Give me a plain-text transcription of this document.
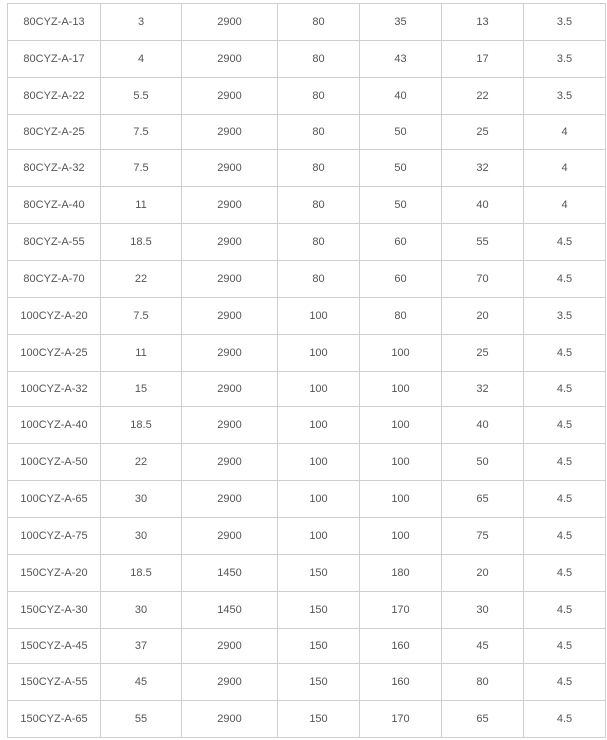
80CYZ-A-13	3	2900	80	35	13	3.5
80CYZ-A-17	4	2900	80	43	17	3.5
80CYZ-A-22	5.5	2900	80	40	22	3.5
80CYZ-A-25	7.5	2900	80	50	25	4
80CYZ-A-32	7.5	2900	80	50	32	4
80CYZ-A-40	11	2900	80	50	40	4
80CYZ-A-55	18.5	2900	80	60	55	4.5
80CYZ-A-70	22	2900	80	60	70	4.5
100CYZ-A-20	7.5	2900	100	80	20	3.5
100CYZ-A-25	11	2900	100	100	25	4.5
100CYZ-A-32	15	2900	100	100	32	4.5
100CYZ-A-40	18.5	2900	100	100	40	4.5
100CYZ-A-50	22	2900	100	100	50	4.5
100CYZ-A-65	30	2900	100	100	65	4.5
100CYZ-A-75	30	2900	100	100	75	4.5
150CYZ-A-20	18.5	1450	150	180	20	4.5
150CYZ-A-30	30	1450	150	170	30	4.5
150CYZ-A-45	37	2900	150	160	45	4.5
150CYZ-A-55	45	2900	150	160	80	4.5
150CYZ-A-65	55	2900	150	170	65	4.5
